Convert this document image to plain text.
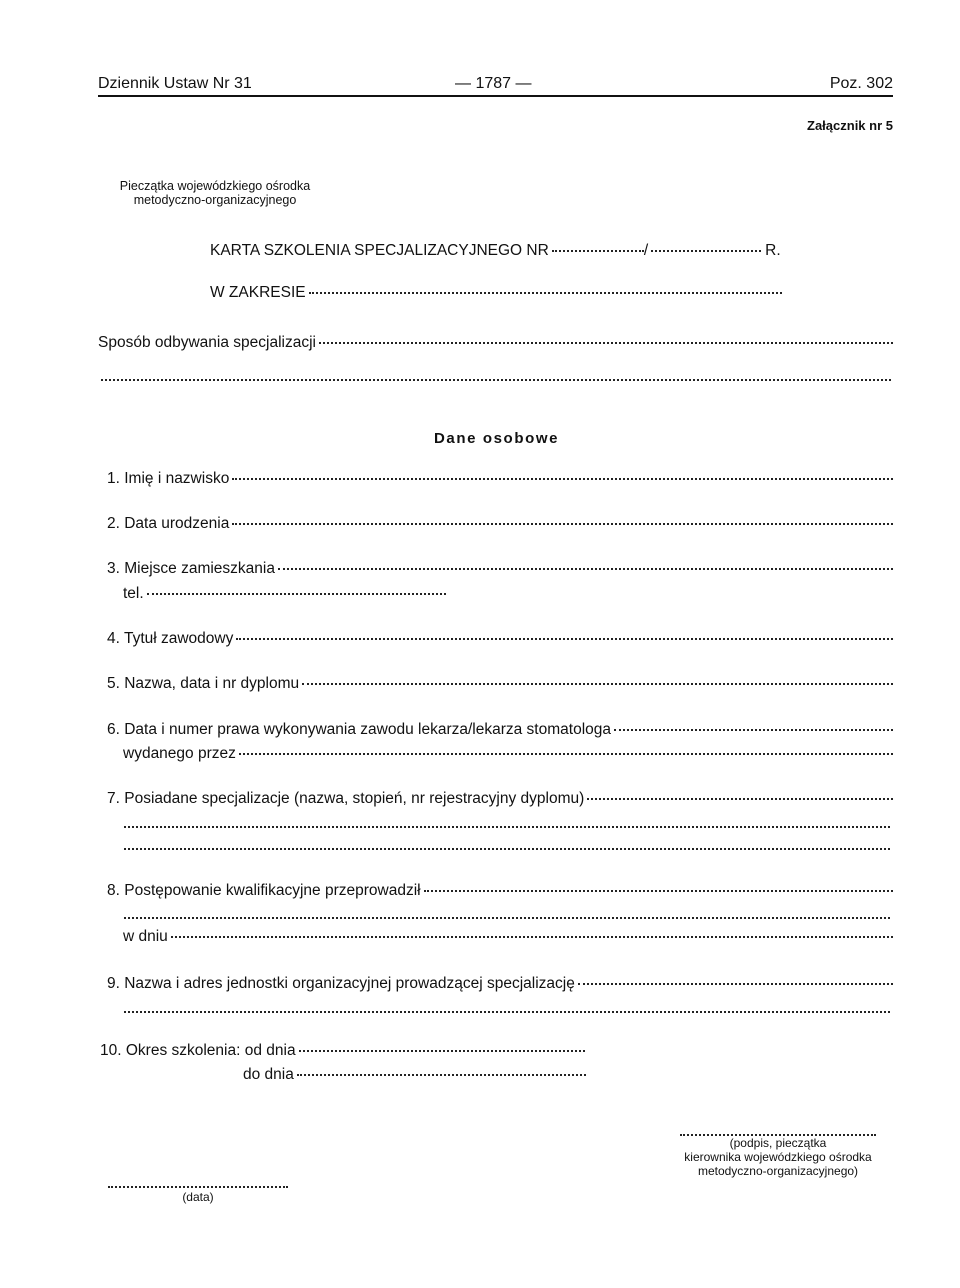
Dziennik Ustaw Nr 31	— 1787 —	Poz. 302
Załącznik nr 5
Pieczątka wojewódzkiego ośrodka
metodyczno-organizacyjnego
KARTA SZKOLENIA SPECJALIZACYJNEGO NR	/	R.
W ZAKRESIE
Sposób odbywania specjalizacji
Dane osobowe
1. Imię i nazwisko
2. Data urodzenia
3. Miejsce zamieszkania
tel.
4. Tytuł zawodowy
5. Nazwa, data i nr dyplomu
6. Data i numer prawa wykonywania zawodu lekarza/lekarza stomatologa
wydanego przez
7. Posiadane specjalizacje (nazwa, stopień, nr rejestracyjny dyplomu)
8. Postępowanie kwalifikacyjne przeprowadził
w dniu
9. Nazwa i adres jednostki organizacyjnej prowadzącej specjalizację
10. Okres szkolenia: od dnia
do dnia
(podpis, pieczątka
kierownika wojewódzkiego ośrodka
metodyczno-organizacyjnego)
(data)
